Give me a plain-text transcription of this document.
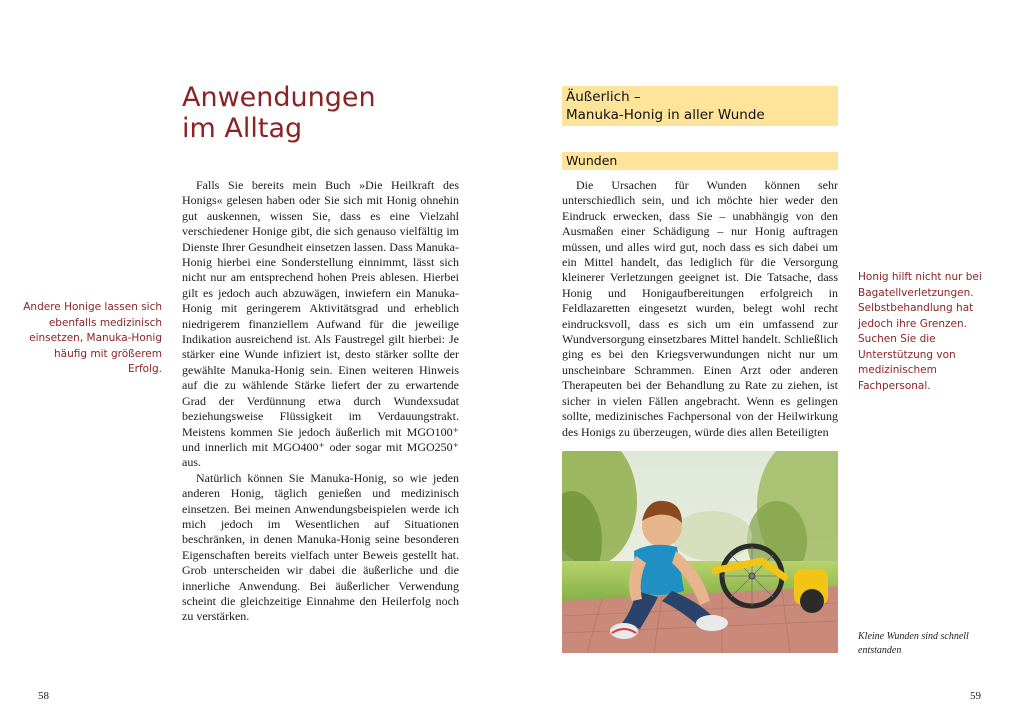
Anwendungen
im Alltag

Falls Sie bereits mein Buch »Die Heilkraft des Honigs« gelesen haben oder Sie sich mit Honig ohnehin gut auskennen, wissen Sie, dass es eine Vielzahl verschiedener Honige gibt, die sich genauso vielfältig im Dienste Ihrer Gesundheit einsetzen lassen. Dass Manuka-Honig hierbei eine Sonderstellung einnimmt, lässt sich nicht nur am entsprechend hohen Preis ablesen. Hierbei gilt es jedoch auch abzuwägen, inwiefern ein Manuka-Honig mit geringerem Aktivitätsgrad und erheblich niedrigerem finanziellem Aufwand für die jeweilige Indikation ausreichend ist. Als Faustregel gilt hierbei: Je stärker eine Wunde infiziert ist, desto stärker sollte der gewählte Manuka-Honig sein. Einen weiteren Hinweis auf die zu wählende Stärke liefert der zu erwartende Grad der Verdünnung etwa durch Wundexsudat beziehungsweise Flüssigkeit im Verdauungstrakt. Meistens kommen Sie jedoch äußerlich mit MGO100⁺ und innerlich mit MGO400⁺ oder sogar mit MGO250⁺ aus.

Natürlich können Sie Manuka-Honig, so wie jeden anderen Honig, täglich genießen und medizinisch einsetzen. Bei meinen Anwendungsbeispielen werde ich mich jedoch im Wesentlichen auf Situationen beschränken, in denen Manuka-Honig seine besonderen Eigenschaften bereits vielfach unter Beweis gestellt hat. Grob unterscheiden wir dabei die äußerliche und die innerliche Anwendung. Bei äußerlicher Verwendung scheint die gleichzeitige Einnahme den Heilerfolg noch zu verstärken.

Andere Honige lassen sich ebenfalls medizinisch einsetzen, Manuka-Honig häufig mit größerem Erfolg.

58
Äußerlich –
Manuka-Honig in aller Wunde
Wunden

Die Ursachen für Wunden können sehr unterschiedlich sein, und ich möchte hier weder den Eindruck erwecken, dass Sie – unabhängig von den Ausmaßen einer Schädigung – nur Honig auftragen müssen, und alles wird gut, noch dass es sich dabei um ein Mittel handelt, das lediglich für die Versorgung kleinerer Verletzungen geeignet ist. Die Tatsache, dass Honig und Honigaufbereitungen erfolgreich in Feldlazaretten eingesetzt wurden, belegt wohl recht eindrucksvoll, dass es sich um ein umfassend zur Wundversorgung einsetzbares Mittel handelt. Schließlich ging es bei den Kriegsverwundungen nicht nur um unscheinbare Schrammen. Einen Arzt oder anderen Therapeuten bei der Behandlung zu Rate zu ziehen, ist sicher in vielen Fällen angebracht. Wenn es gelingen sollte, medizinisches Fachpersonal von der Heilwirkung des Honigs zu überzeugen, würde dies allen Beteiligten

Honig hilft nicht nur bei Bagatellverletzungen. Selbstbehandlung hat jedoch ihre Grenzen. Suchen Sie die Unterstützung von medizinischem Fachpersonal.

Kleine Wunden sind schnell entstanden

59
